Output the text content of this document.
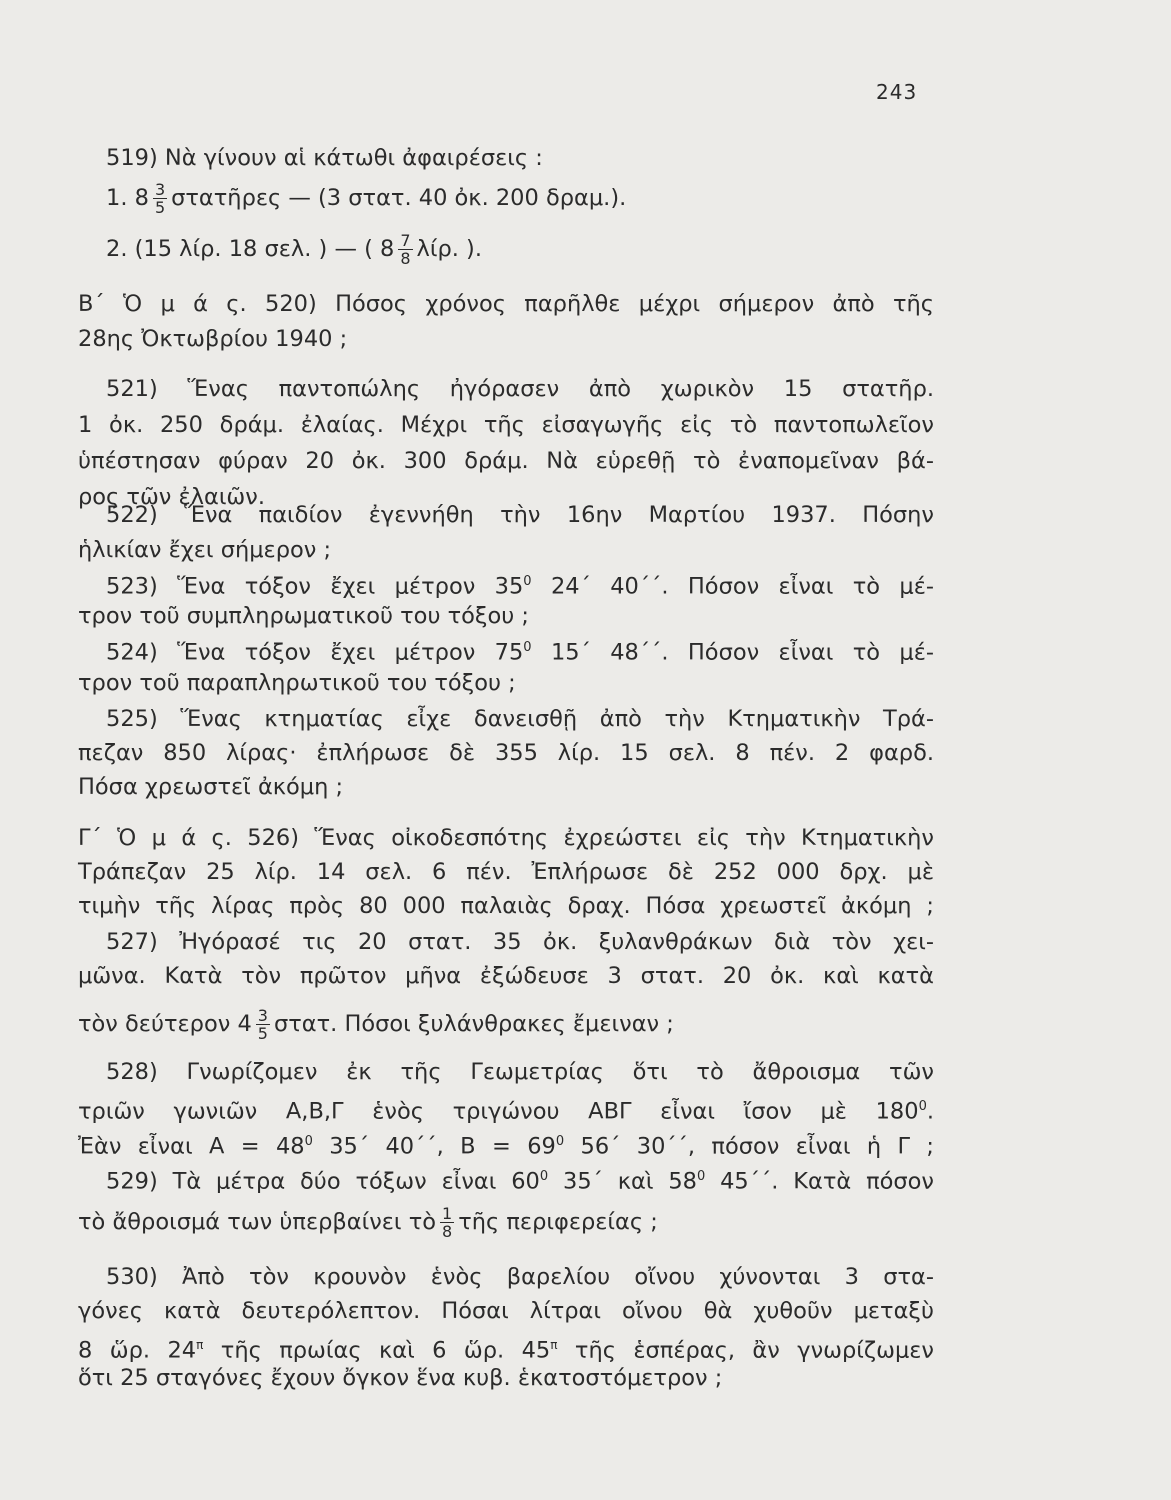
243
519) Νὰ γίνουν αἱ κάτωθι ἀφαιρέσεις :
1. $8 \frac{3}{5}$ στατῆρες — (3 στατ. 40 ὀκ. 200 δραμ.).
2. (15 λίρ. 18 σελ. ) — ( $8 \frac{7}{8} \lambda ί\rho$. ).
Β΄ Ὁ μ ά ς. 520) Πόσος χρόνος παρῆλθε μέχρι σήμερον ἀπὸ τῆς
28ης Ὀκτωβρίου 1940 ;
521) Ἕνας παντοπώλης ἠγόρασεν ἀπὸ χωρικὸν 15 στατῆρ.
1 ὀκ. 250 δράμ. ἐλαίας. Μέχρι τῆς εἰσαγωγῆς εἰς τὸ παντοπωλεῖον
ὑπέστησαν φύραν 20 ὀκ. 300 δράμ. Νὰ εὑρεθῇ τὸ ἐναπομεῖναν βά-
ρος τῶν ἐλαιῶν.
522) Ἕνα παιδίον ἐγεννήθη τὴν 16ην Μαρτίου 1937. Πόσην
ἡλικίαν ἔχει σήμερον ;
523) Ἕνα τόξον ἔχει μέτρον $35^0$ 24΄ 40΄΄. Πόσον εἶναι τὸ μέ-
τρον τοῦ συμπληρωματικοῦ του τόξου ;
524) Ἕνα τόξον ἔχει μέτρον $75^0$ 15΄ 48΄΄. Πόσον εἶναι τὸ μέ-
τρον τοῦ παραπληρωτικοῦ του τόξου ;
525) Ἕνας κτηματίας εἶχε δανεισθῇ ἀπὸ τὴν Κτηματικὴν Τρά-
πεζαν 850 λίρας· ἐπλήρωσε δὲ 355 λίρ. 15 σελ. 8 πέν. 2 φαρδ.
Πόσα χρεωστεῖ ἀκόμη ;
Γ΄ Ὁ μ ά ς. 526) Ἕνας οἰκοδεσπότης ἐχρεώστει εἰς τὴν Κτηματικὴν
Τράπεζαν 25 λίρ. 14 σελ. 6 πέν. Ἐπλήρωσε δὲ 252 000 δρχ. μὲ
τιμὴν τῆς λίρας πρὸς 80 000 παλαιὰς δραχ. Πόσα χρεωστεῖ ἀκόμη ;
527) Ἠγόρασέ τις 20 στατ. 35 ὀκ. ξυλανθράκων διὰ τὸν χει-
μῶνα. Κατὰ τὸν πρῶτον μῆνα ἐξώδευσε 3 στατ. 20 ὀκ. καὶ κατὰ
τὸν δεύτερον $4 \frac{3}{5} \sigma\tau\alpha\tau$. Πόσοι ξυλάνθρακες ἔμειναν ;
528) Γνωρίζομεν ἐκ τῆς Γεωμετρίας ὅτι τὸ ἄθροισμα τῶν
τριῶν γωνιῶν Α,Β,Γ ἑνὸς τριγώνου ΑΒΓ εἶναι ἴσον μὲ $180^0$.
Ἐὰν εἶναι $A = 48^0$ 35΄ 40΄΄, $B = 69^0$ 56΄ 30΄΄, πόσον εἶναι ἡ Γ ;
529) Τὰ μέτρα δύο τόξων εἶναι $60^0$ 35΄ καὶ $58^0$ 45΄΄. Κατὰ πόσον
τὸ ἄθροισμά των ὑπερβαίνει τὸ $\frac{1}{8}$ τῆς περιφερείας ;
530) Ἀπὸ τὸν κρουνὸν ἑνὸς βαρελίου οἴνου χύνονται 3 στα-
γόνες κατὰ δευτερόλεπτον. Πόσαι λίτραι οἴνου θὰ χυθοῦν μεταξὺ
8 ὥρ. $24^\pi$ τῆς πρωίας καὶ 6 ὥρ. $45^\pi$ τῆς ἑσπέρας, ἂν γνωρίζωμεν
ὅτι 25 σταγόνες ἔχουν ὄγκον ἕνα κυβ. ἑκατοστόμετρον ;
